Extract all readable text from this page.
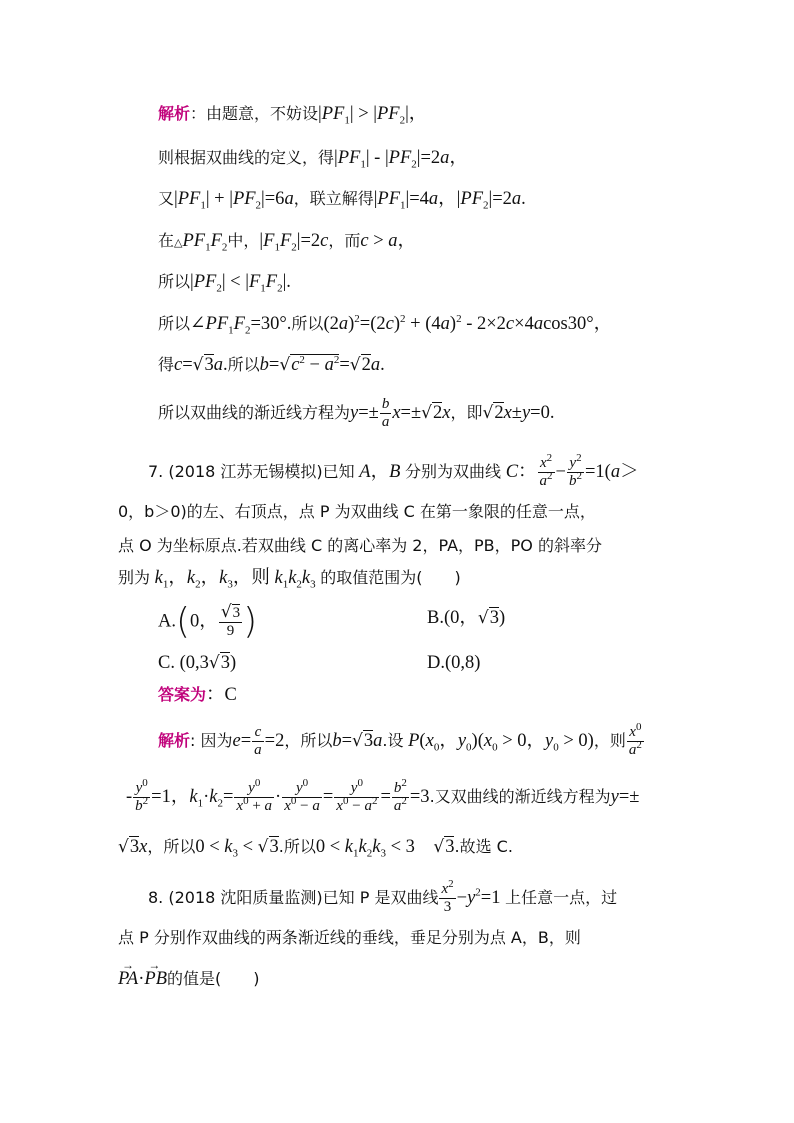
解析：由题意，不妨设$|PF_1| > |PF_2|$，
则根据双曲线的定义，得$|PF_1| - |PF_2|=2a$，
又$|PF_1| + |PF_2|=6a$，联立解得$|PF_1|=4a$，$|PF_2|=2a$.
在$\triangle PF_1F_2$中，$|F_1F_2|=2c$，而c > a，
所以$|PF_2| < |F_1F_2|$.
所以$\angle PF_1F_2=30^\circ$.所以$(2a)^2=(2c)^2 + (4a)^2 - 2\times 2c\times 4acos30^\circ$，
得c=√3a.所以$b=√c^2 - a^2=√2a$.
所以双曲线的渐近线方程为$y=\pm \frac{b}{a} x=\pm√2x$，即√2x±y=0.
7. (2018 江苏无锡模拟)已知 A，B 分别为双曲线 C： $\frac{x^2}{a^2} - \frac{y^2}{b^2} =1(a>$
0，b＞0)的左、右顶点，点 P 为双曲线 C 在第一象限的任意一点，
点 O 为坐标原点.若双曲线 C 的离心率为 2，PA，PB，PO 的斜率分
别为 $k_1$，$k_2$，$k_3$，则 $k_1k_2k_3$ 的取值范围为(　　)
A.(0， $\frac{√3}{9}$ )	B.(0，√3)
C. (0,3√3)	D.(0,8)
答案为：C
解析: 因为$e= \frac{c}{a} =2$，所以b=√3a.设 $P(x_0$，$y_0)(x_0 > 0$，$y_0 > 0$)，则 $\frac{x^0}{a^2}$
- $\frac{y^0}{b^2} =1$，$k_1\cdot k_2= \frac{y^0}{x^0 + a} \cdot \frac{y^0}{x^0 - a} = \frac{y^0}{x^0 - a^2} = \frac{b^2}{a^2} =3$.又双曲线的渐近线方程为y=±
√3x，所以$0 < k_3 < √3$.所以$0 < k_1k_2k_3 < 3$　√3.故选 C.
8. (2018 沈阳质量监测)已知 P 是双曲线 $\frac{x^2}{3} -y^2=1$ 上任意一点，过
点 P 分别作双曲线的两条渐近线的垂线，垂足分别为点 A，B，则
→ PA·→ PB的值是(　　)
